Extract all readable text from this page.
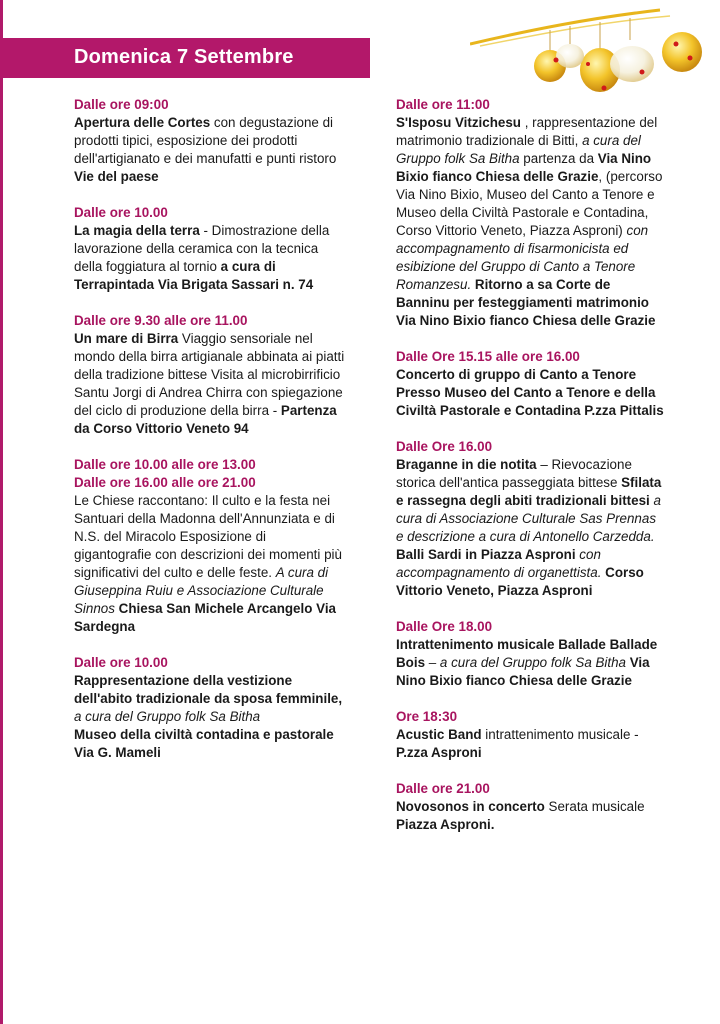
Domenica 7 Settembre
Dalle ore 09:00

Apertura delle Cortes con degustazione di prodotti tipici, esposizione dei prodotti dell'artigianato e dei manufatti e punti ristoro
Vie del paese

Dalle ore 10.00

La magia della terra - Dimostrazione della lavorazione della ceramica con la tecnica della foggiatura al tornio a cura di Terrapintada Via Brigata Sassari n. 74

Dalle ore 9.30 alle ore 11.00

Un mare di Birra Viaggio sensoriale nel mondo della birra artigianale abbinata ai piatti della tradizione bittese Visita al microbirrificio Santu Jorgi di Andrea Chirra con spiegazione del ciclo di produzione della birra - Partenza da Corso Vittorio Veneto 94

Dalle ore 10.00 alle ore 13.00
Dalle ore 16.00 alle ore 21.00

Le Chiese raccontano: Il culto e la festa nei Santuari della Madonna dell'Annunziata e di N.S. del Miracolo Esposizione di gigantografie con descrizioni dei momenti più significativi del culto e delle feste. A cura di Giuseppina Ruiu e Associazione Culturale Sinnos Chiesa San Michele Arcangelo Via Sardegna

Dalle ore 10.00

Rappresentazione della vestizione dell'abito tradizionale da sposa femminile, a cura del Gruppo folk Sa Bitha
Museo della civiltà contadina e pastorale Via G. Mameli

Dalle ore 11:00

S'Isposu Vitzichesu , rappresentazione del matrimonio tradizionale di Bitti, a cura del Gruppo folk Sa Bitha partenza da Via Nino Bixio fianco Chiesa delle Grazie, (percorso Via Nino Bixio, Museo del Canto a Tenore e Museo della Civiltà Pastorale e Contadina, Corso Vittorio Veneto, Piazza Asproni) con accompagnamento di fisarmonicista ed esibizione del Gruppo di Canto a Tenore Romanzesu. Ritorno a sa Corte de Banninu per festeggiamenti matrimonio Via Nino Bixio fianco Chiesa delle Grazie

Dalle Ore 15.15 alle ore 16.00

Concerto di gruppo di Canto a Tenore Presso Museo del Canto a Tenore e della Civiltà Pastorale e Contadina P.zza Pittalis

Dalle Ore 16.00

Braganne in die notita – Rievocazione storica dell'antica passeggiata bittese Sfilata e rassegna degli abiti tradizionali bittesi a cura di Associazione Culturale Sas Prennas e descrizione a cura di Antonello Carzedda. Balli Sardi in Piazza Asproni con accompagnamento di organettista. Corso Vittorio Veneto, Piazza Asproni

Dalle Ore 18.00

Intrattenimento musicale Ballade Ballade Bois – a cura del Gruppo folk Sa Bitha Via Nino Bixio fianco Chiesa delle Grazie

Ore 18:30

Acustic Band intrattenimento musicale -
P.zza Asproni

Dalle ore 21.00

Novosonos in concerto Serata musicale
Piazza Asproni.
